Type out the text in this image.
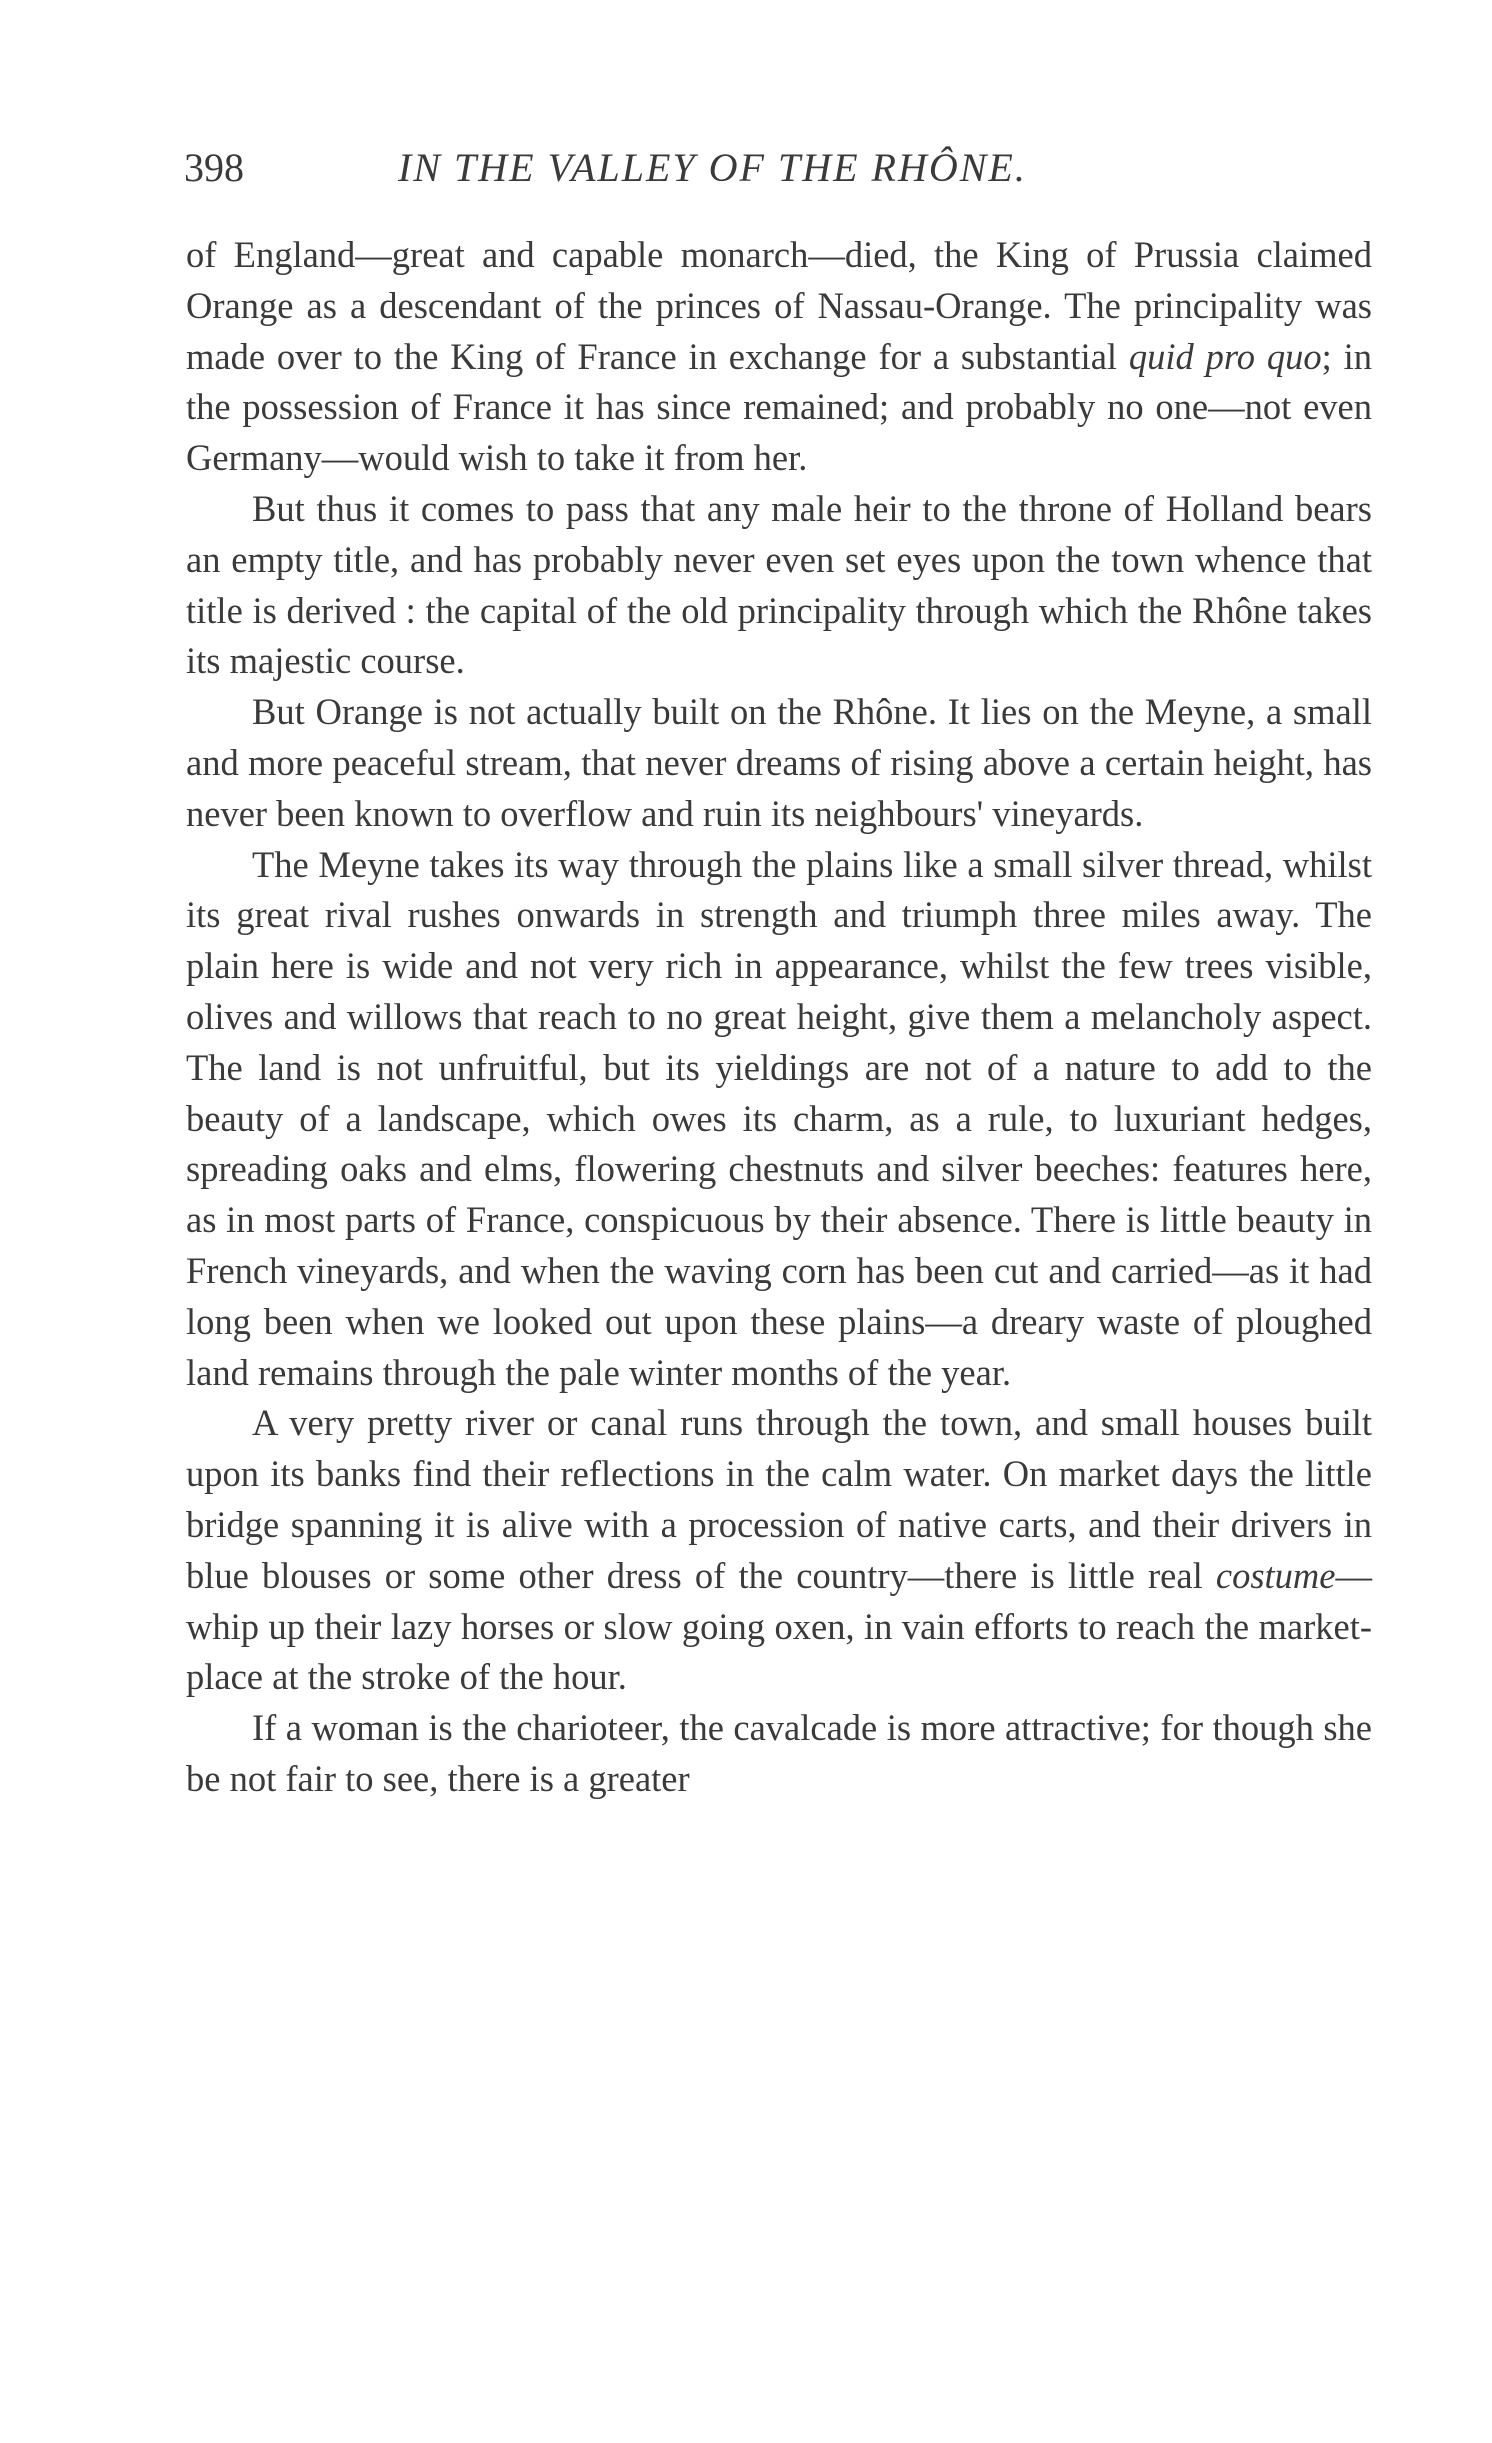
398	IN THE VALLEY OF THE RHÔNE.

of England—great and capable monarch—died, the King of Prussia claimed Orange as a descendant of the princes of Nassau-Orange. The principality was made over to the King of France in exchange for a substantial quid pro quo; in the possession of France it has since remained; and probably no one—not even Germany—would wish to take it from her.

But thus it comes to pass that any male heir to the throne of Holland bears an empty title, and has probably never even set eyes upon the town whence that title is derived : the capital of the old principality through which the Rhône takes its majestic course.

But Orange is not actually built on the Rhône. It lies on the Meyne, a small and more peaceful stream, that never dreams of rising above a certain height, has never been known to overflow and ruin its neighbours' vineyards.

The Meyne takes its way through the plains like a small silver thread, whilst its great rival rushes onwards in strength and triumph three miles away. The plain here is wide and not very rich in appearance, whilst the few trees visible, olives and willows that reach to no great height, give them a melancholy aspect. The land is not unfruitful, but its yieldings are not of a nature to add to the beauty of a landscape, which owes its charm, as a rule, to luxuriant hedges, spreading oaks and elms, flowering chestnuts and silver beeches: features here, as in most parts of France, conspicuous by their absence. There is little beauty in French vineyards, and when the waving corn has been cut and carried—as it had long been when we looked out upon these plains—a dreary waste of ploughed land remains through the pale winter months of the year.

A very pretty river or canal runs through the town, and small houses built upon its banks find their reflections in the calm water. On market days the little bridge spanning it is alive with a procession of native carts, and their drivers in blue blouses or some other dress of the country—there is little real costume—whip up their lazy horses or slow going oxen, in vain efforts to reach the market-place at the stroke of the hour.

If a woman is the charioteer, the cavalcade is more attractive; for though she be not fair to see, there is a greater
